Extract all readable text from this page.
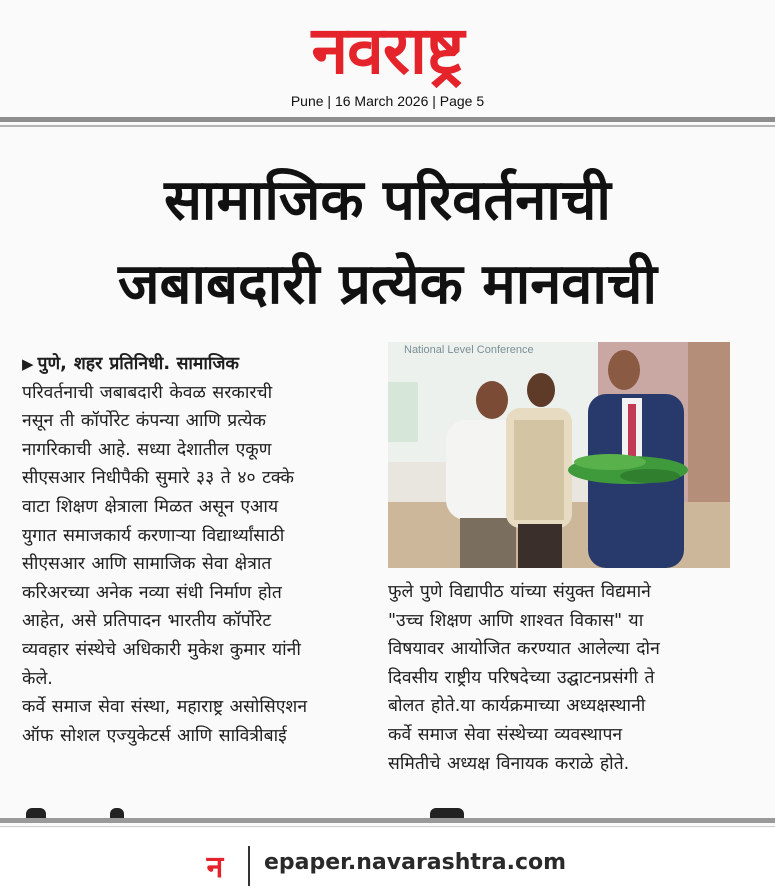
नवराष्ट्र
Pune | 16 March 2026 | Page 5
सामाजिक परिवर्तनाची
जबाबदारी प्रत्येक मानवाची

▶ पुणे, शहर प्रतिनिधी. सामाजिक

परिवर्तनाची जबाबदारी केवळ सरकारची

नसून ती कॉर्पोरेट कंपन्या आणि प्रत्येक

नागरिकाची आहे. सध्या देशातील एकूण

सीएसआर निधीपैकी सुमारे ३३ ते ४० टक्के

वाटा शिक्षण क्षेत्राला मिळत असून एआय

युगात समाजकार्य करणाऱ्या विद्यार्थ्यांसाठी

सीएसआर आणि सामाजिक सेवा क्षेत्रात

करिअरच्या अनेक नव्या संधी निर्माण होत

आहेत, असे प्रतिपादन भारतीय कॉर्पोरेट

व्यवहार संस्थेचे अधिकारी मुकेश कुमार यांनी

केले.

कर्वे समाज सेवा संस्था, महाराष्ट्र असोसिएशन

ऑफ सोशल एज्युकेटर्स आणि सावित्रीबाई

National Level Conference

फुले पुणे विद्यापीठ यांच्या संयुक्त विद्यमाने

"उच्च शिक्षण आणि शाश्वत विकास" या

विषयावर आयोजित करण्यात आलेल्या दोन

दिवसीय राष्ट्रीय परिषदेच्या उद्घाटनप्रसंगी ते

बोलत होते.या कार्यक्रमाच्या अध्यक्षस्थानी

कर्वे समाज सेवा संस्थेच्या व्यवस्थापन

समितीचे अध्यक्ष विनायक कराळे होते.

न epaper.navarashtra.com
